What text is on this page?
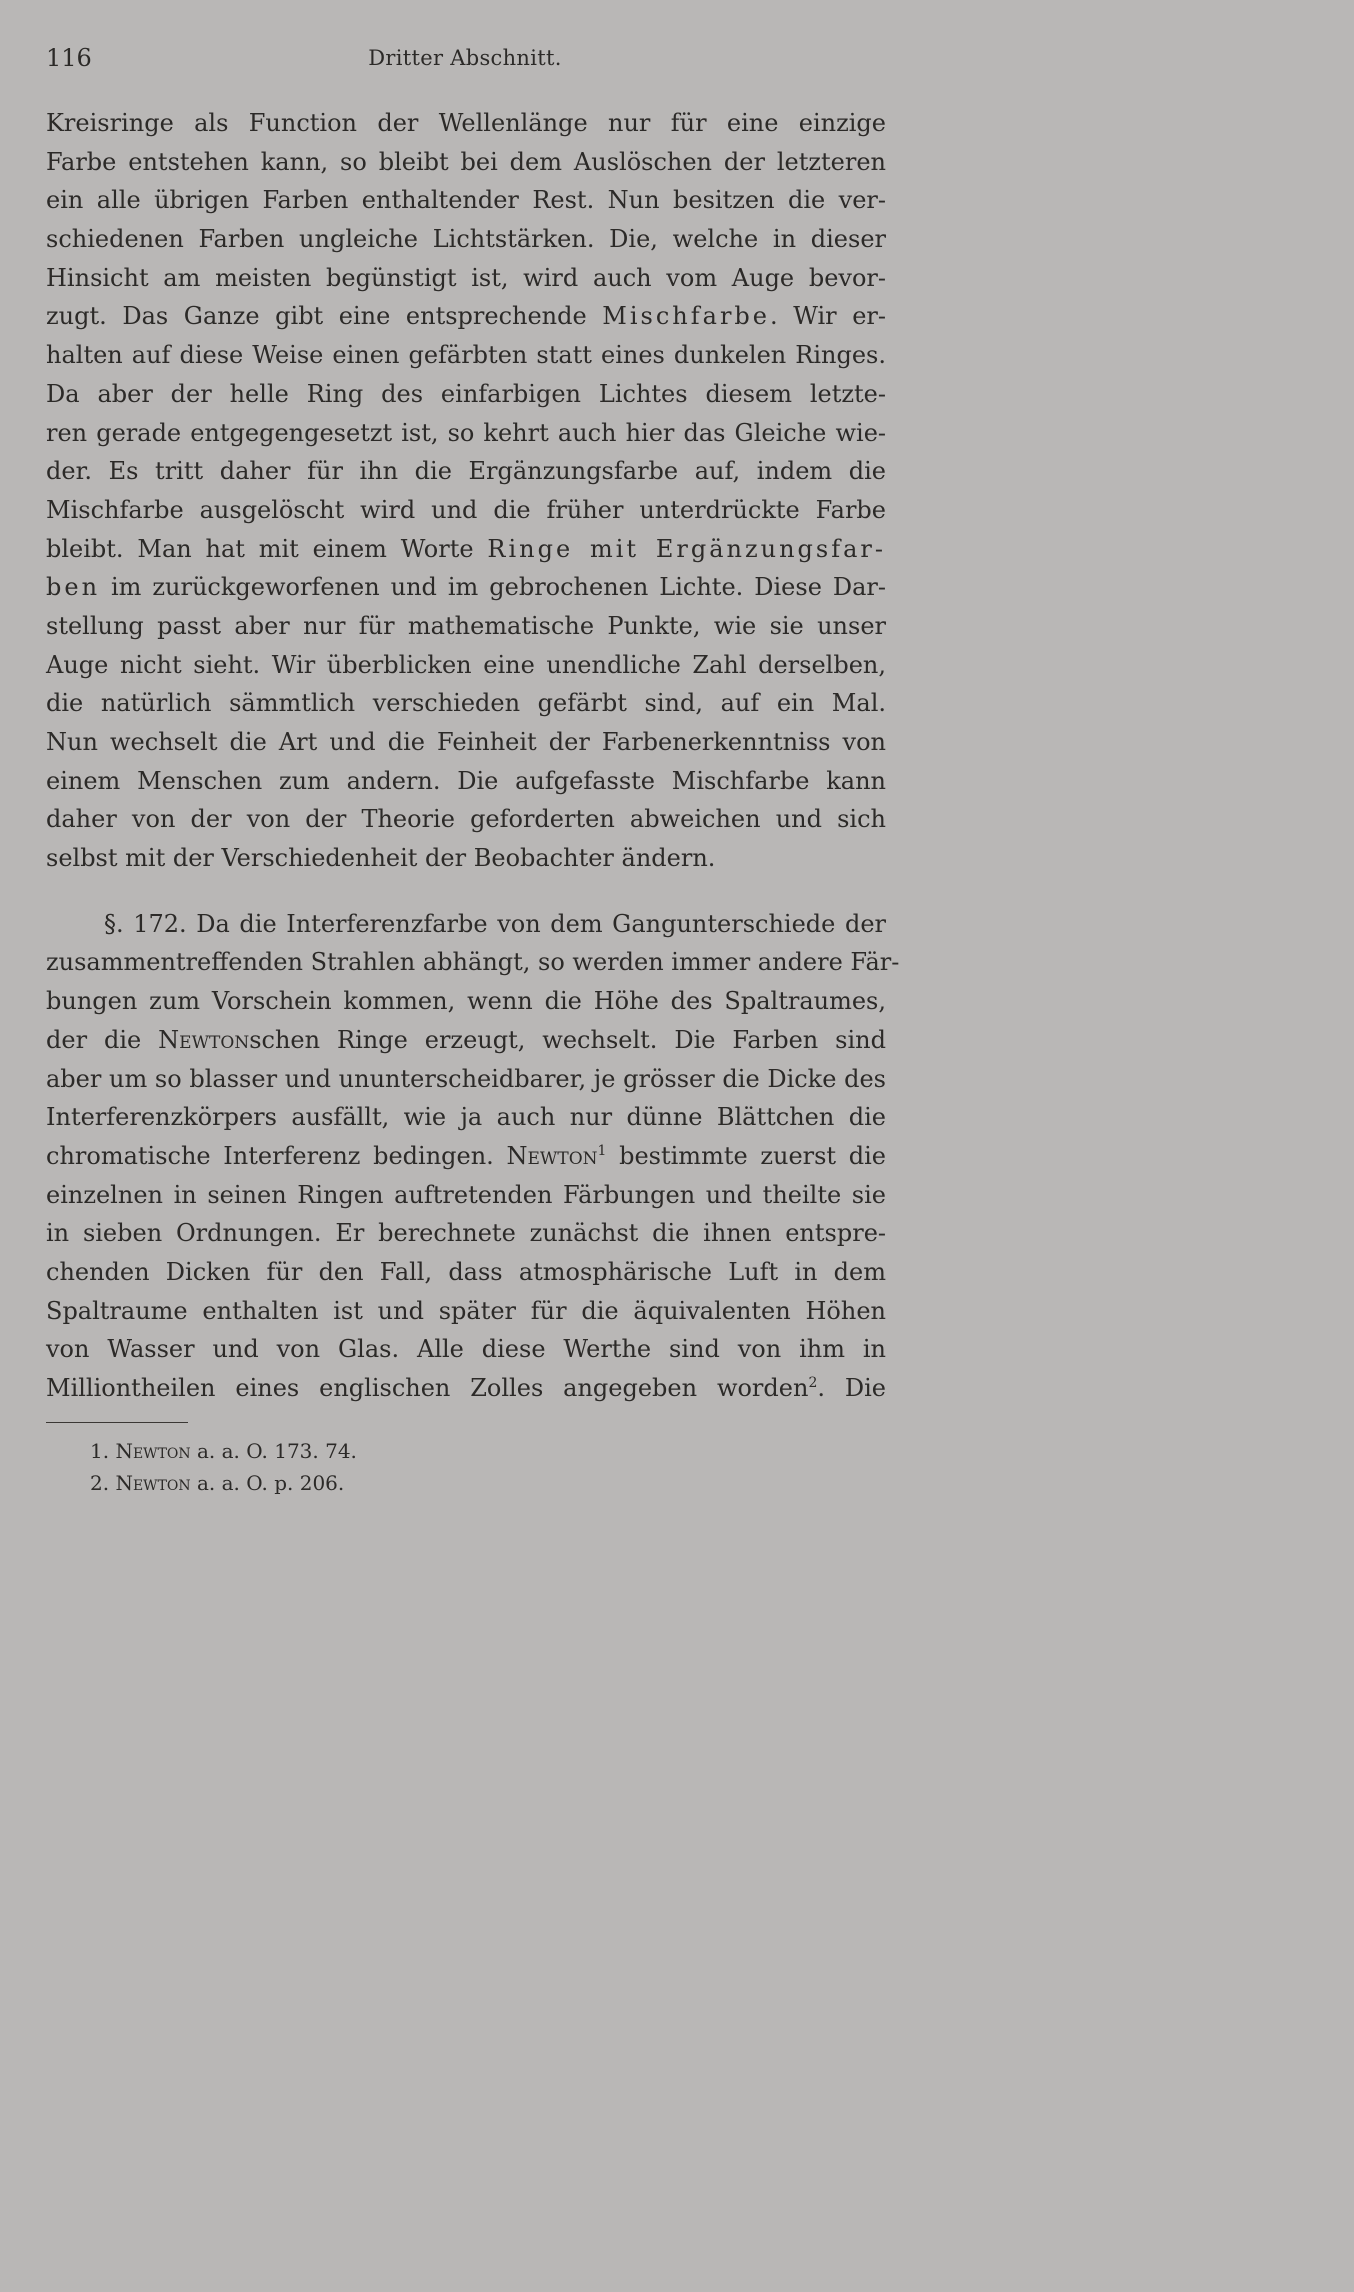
116	Dritter Abschnitt.
Kreisringe als Function der Wellenlänge nur für eine einzige
Farbe entstehen kann, so bleibt bei dem Auslöschen der letzteren
ein alle übrigen Farben enthaltender Rest. Nun besitzen die ver-
schiedenen Farben ungleiche Lichtstärken. Die, welche in dieser
Hinsicht am meisten begünstigt ist, wird auch vom Auge bevor-
zugt. Das Ganze gibt eine entsprechende Mischfarbe. Wir er-
halten auf diese Weise einen gefärbten statt eines dunkelen Ringes.
Da aber der helle Ring des einfarbigen Lichtes diesem letzte-
ren gerade entgegengesetzt ist, so kehrt auch hier das Gleiche wie-
der. Es tritt daher für ihn die Ergänzungsfarbe auf, indem die
Mischfarbe ausgelöscht wird und die früher unterdrückte Farbe
bleibt. Man hat mit einem Worte Ringe mit Ergänzungsfar-
ben im zurückgeworfenen und im gebrochenen Lichte. Diese Dar-
stellung passt aber nur für mathematische Punkte, wie sie unser
Auge nicht sieht. Wir überblicken eine unendliche Zahl derselben,
die natürlich sämmtlich verschieden gefärbt sind, auf ein Mal.
Nun wechselt die Art und die Feinheit der Farbenerkenntniss von
einem Menschen zum andern. Die aufgefasste Mischfarbe kann
daher von der von der Theorie geforderten abweichen und sich
selbst mit der Verschiedenheit der Beobachter ändern.
§. 172. Da die Interferenzfarbe von dem Gangunterschiede der
zusammentreffenden Strahlen abhängt, so werden immer andere Fär-
bungen zum Vorschein kommen, wenn die Höhe des Spaltraumes,
der die Newtonschen Ringe erzeugt, wechselt. Die Farben sind
aber um so blasser und ununterscheidbarer, je grösser die Dicke des
Interferenzkörpers ausfällt, wie ja auch nur dünne Blättchen die
chromatische Interferenz bedingen. Newton$^1$ bestimmte zuerst die
einzelnen in seinen Ringen auftretenden Färbungen und theilte sie
in sieben Ordnungen. Er berechnete zunächst die ihnen entspre-
chenden Dicken für den Fall, dass atmosphärische Luft in dem
Spaltraume enthalten ist und später für die äquivalenten Höhen
von Wasser und von Glas. Alle diese Werthe sind von ihm in
Milliontheilen eines englischen Zolles angegeben worden$^2$. Die
1. Newton a. a. O. 173. 74.
2. Newton a. a. O. p. 206.
